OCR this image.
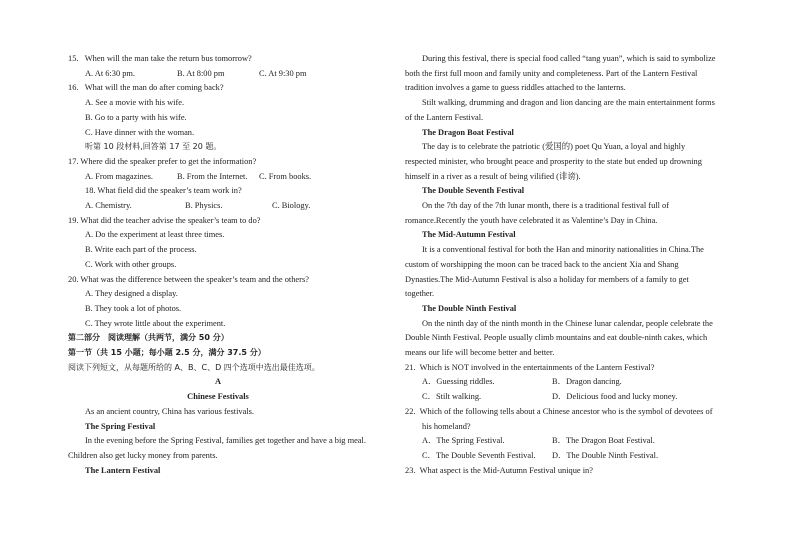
15.   When will the man take the return bus tomorrow?
A. At 6:30 pm.	B. At 8:00 pm	C. At 9:30 pm
16.   What will the man do after coming back?
A. See a movie with his wife.
B. Go to a party with his wife.
C. Have dinner with the woman.
听第 10 段材料,回答第 17 至 20 题。
17. Where did the speaker prefer to get the information?
A. From magazines.	B. From the Internet.	C. From books.
18. What field did the speaker’s team work in?
A. Chemistry.	B. Physics.	C. Biology.
19. What did the teacher advise the speaker’s team to do?
A. Do the experiment at least three times.
B. Write each part of the process.
C. Work with other groups.
20. What was the difference between the speaker’s team and the others?
A. They designed a display.
B. They took a lot of photos.
C. They wrote little about the experiment.
第二部分　阅读理解（共两节，满分 50 分）
第一节（共 15 小题；每小题 2.5 分，满分 37.5 分）
阅读下列短文，从每题所给的 A、B、C、D 四个选项中选出最佳选项。
A
Chinese Festivals
As an ancient country, China has various festivals.
The Spring Festival
In the evening before the Spring Festival, families get together and have a big meal.
Children also get lucky money from parents.
The Lantern Festival
During this festival, there is special food called “tang yuan”, which is said to symbolize
both the first full moon and family unity and completeness. Part of the Lantern Festival
tradition involves a game to guess riddles attached to the lanterns.
Stilt walking, drumming and dragon and lion dancing are the main entertainment forms
of the Lantern Festival.
The Dragon Boat Festival
The day is to celebrate the patriotic (爱国的) poet Qu Yuan, a loyal and highly
respected minister, who brought peace and prosperity to the state but ended up drowning
himself in a river as a result of being vilified (诽谤).
The Double Seventh Festival
On the 7th day of the 7th lunar month, there is a traditional festival full of
romance.Recently the youth have celebrated it as Valentine’s Day in China.
The Mid-Autumn Festival
It is a conventional festival for both the Han and minority nationalities in China.The
custom of worshipping the moon can be traced back to the ancient Xia and Shang
Dynasties.The Mid-Autumn Festival is also a holiday for members of a family to get
together.
The Double Ninth Festival
On the ninth day of the ninth month in the Chinese lunar calendar, people celebrate the
Double Ninth Festival. People usually climb mountains and eat double-ninth cakes, which
means our life will become better and better.
21.  Which is NOT involved in the entertainments of the Lantern Festival?
A．Guessing riddles.	B．Dragon dancing.
C．Stilt walking.	D．Delicious food and lucky money.
22.  Which of the following tells about a Chinese ancestor who is the symbol of devotees of
his homeland?
A．The Spring Festival.	B．The Dragon Boat Festival.
C．The Double Seventh Festival.	D．The Double Ninth Festival.
23.  What aspect is the Mid-Autumn Festival unique in?
